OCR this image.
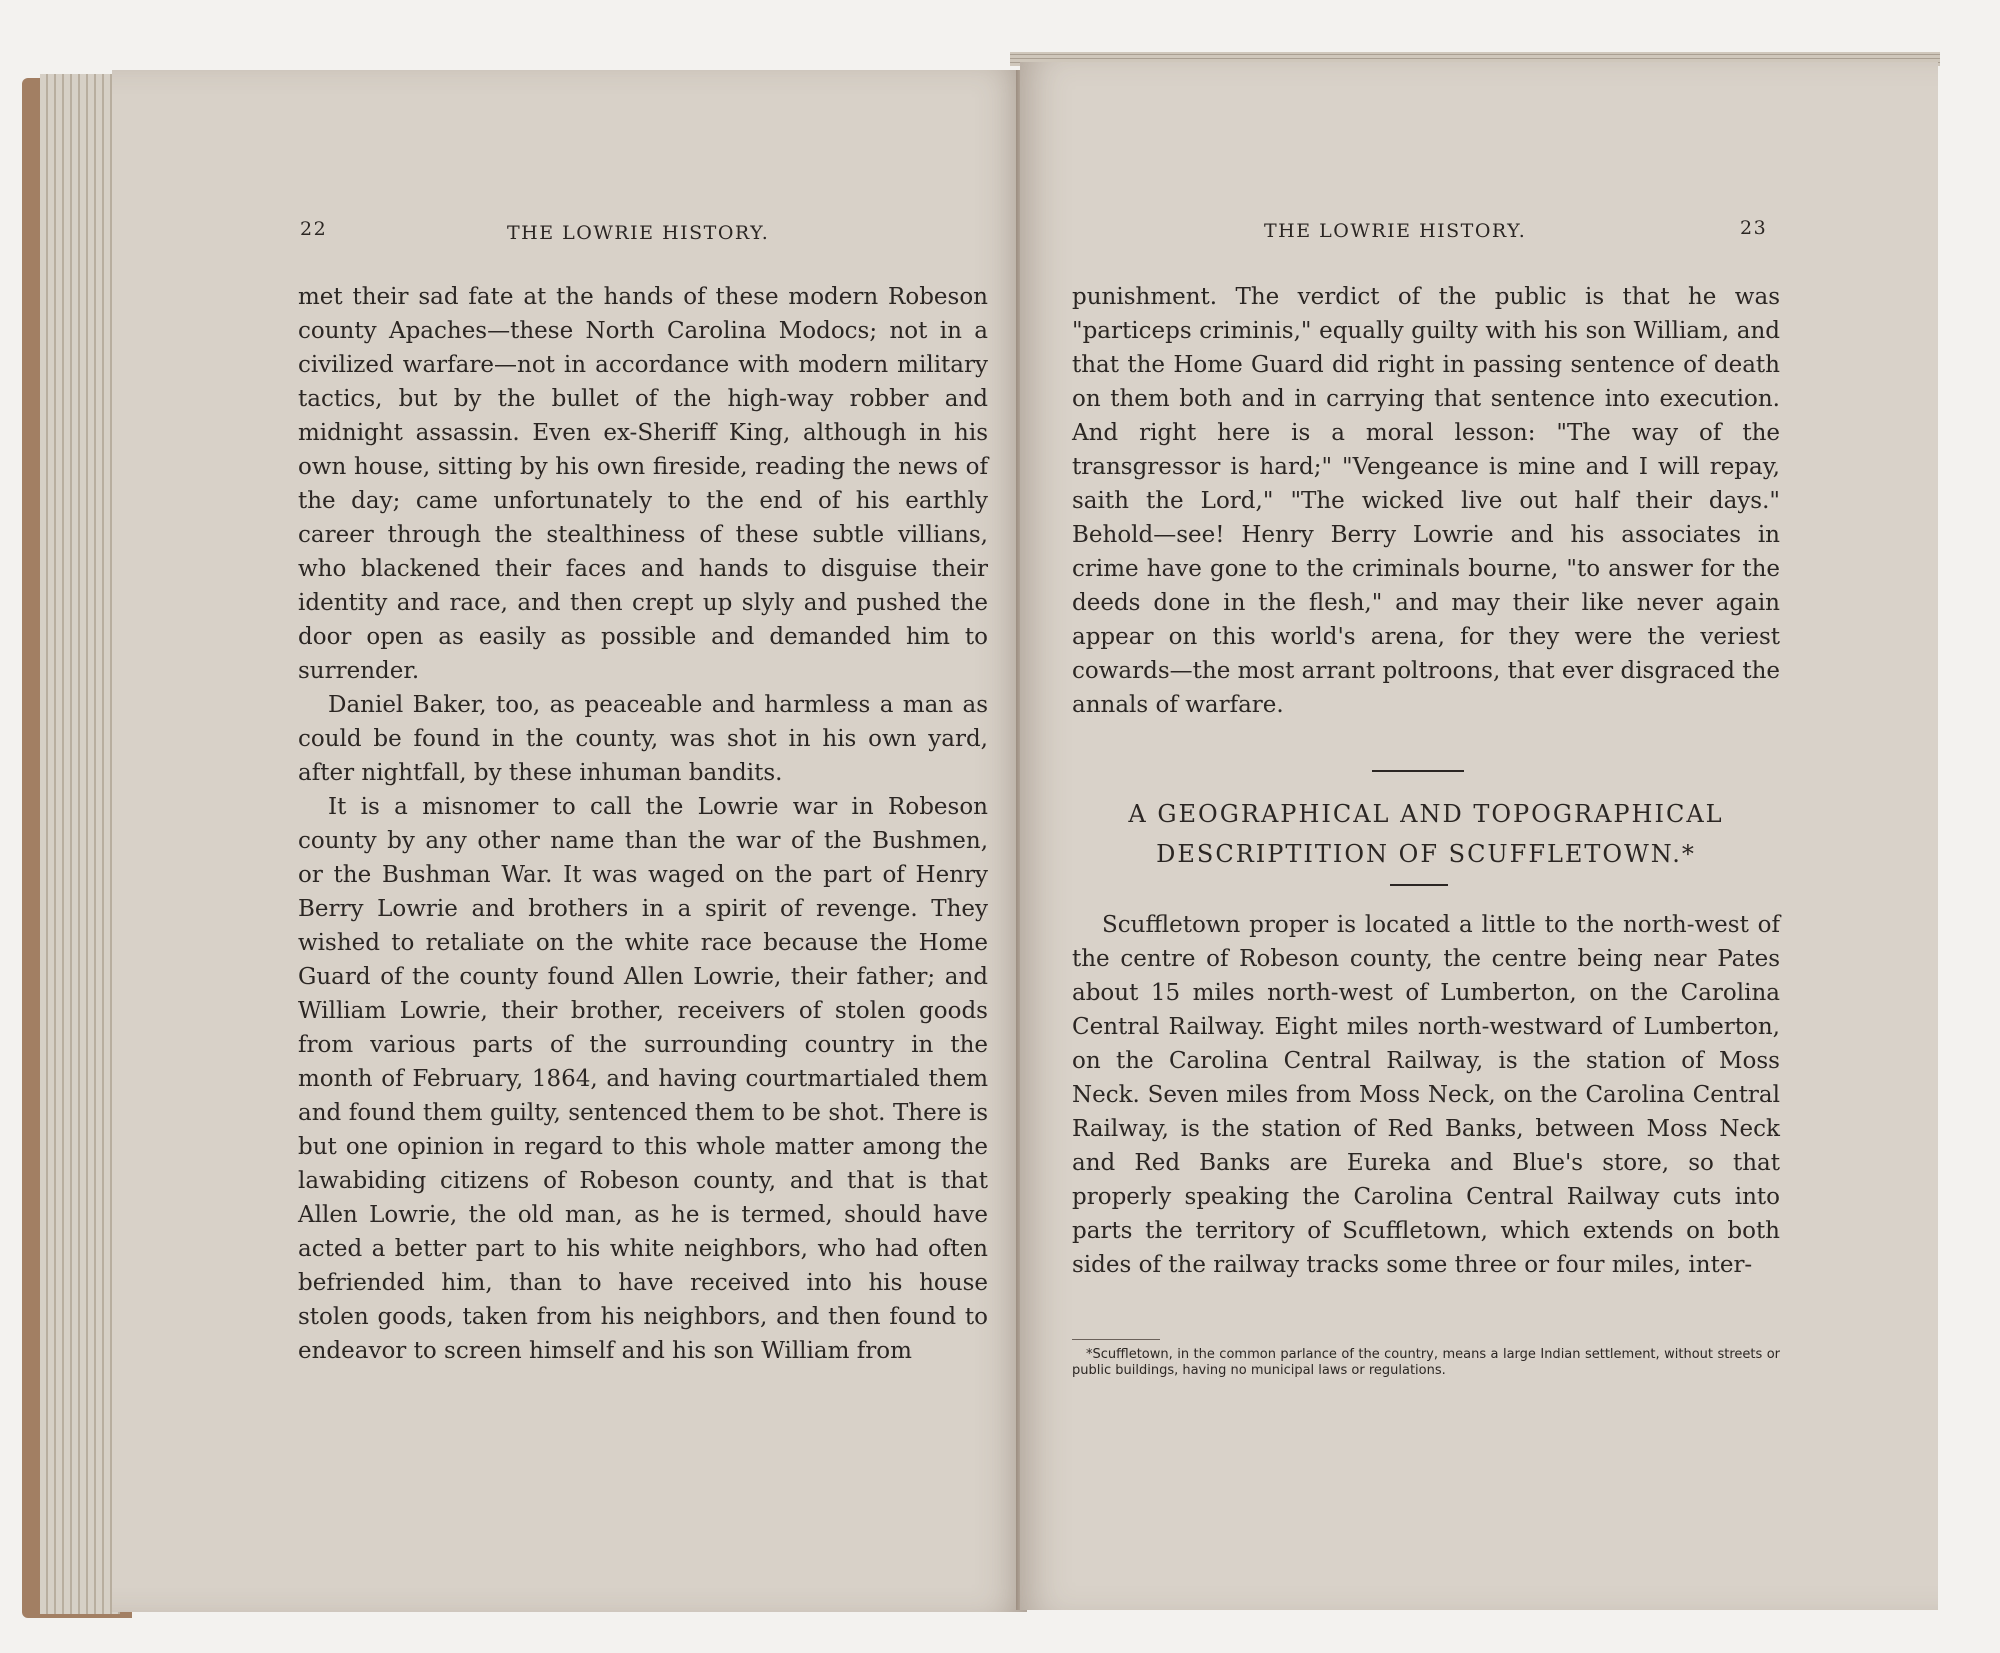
22	THE LOWRIE HISTORY.

met their sad fate at the hands of these modern Robeson county Apaches—these North Carolina Modocs; not in a civilized warfare—not in accordance with modern military tactics, but by the bullet of the high-way robber and midnight assassin. Even ex-Sheriff King, although in his own house, sitting by his own fireside, reading the news of the day; came unfortunately to the end of his earthly career through the stealthiness of these subtle villians, who blackened their faces and hands to disguise their identity and race, and then crept up slyly and pushed the door open as easily as possible and demanded him to surrender.

Daniel Baker, too, as peaceable and harmless a man as could be found in the county, was shot in his own yard, after nightfall, by these inhuman bandits.

It is a misnomer to call the Lowrie war in Robeson county by any other name than the war of the Bushmen, or the Bushman War. It was waged on the part of Henry Berry Lowrie and brothers in a spirit of revenge. They wished to retaliate on the white race because the Home Guard of the county found Allen Lowrie, their father; and William Lowrie, their brother, receivers of stolen goods from various parts of the surrounding country in the month of February, 1864, and having courtmartialed them and found them guilty, sentenced them to be shot. There is but one opinion in regard to this whole matter among the lawabiding citizens of Robeson county, and that is that Allen Lowrie, the old man, as he is termed, should have acted a better part to his white neighbors, who had often befriended him, than to have received into his house stolen goods, taken from his neighbors, and then found to endeavor to screen himself and his son William from

THE LOWRIE HISTORY.	23

punishment. The verdict of the public is that he was "particeps criminis," equally guilty with his son William, and that the Home Guard did right in passing sentence of death on them both and in carrying that sentence into execution. And right here is a moral lesson: "The way of the transgressor is hard;" "Vengeance is mine and I will repay, saith the Lord," "The wicked live out half their days." Behold—see! Henry Berry Lowrie and his associates in crime have gone to the criminals bourne, "to answer for the deeds done in the flesh," and may their like never again appear on this world's arena, for they were the veriest cowards—the most arrant poltroons, that ever disgraced the annals of warfare.

A GEOGRAPHICAL AND TOPOGRAPHICAL
DESCRIPTITION OF SCUFFLETOWN.*

Scuffletown proper is located a little to the north-west of the centre of Robeson county, the centre being near Pates about 15 miles north-west of Lumberton, on the Carolina Central Railway. Eight miles north-westward of Lumberton, on the Carolina Central Railway, is the station of Moss Neck. Seven miles from Moss Neck, on the Carolina Central Railway, is the station of Red Banks, between Moss Neck and Red Banks are Eureka and Blue's store, so that properly speaking the Carolina Central Railway cuts into parts the territory of Scuffletown, which extends on both sides of the railway tracks some three or four miles, inter-

*Scuffletown, in the common parlance of the country, means a large Indian settlement, without streets or public buildings, having no municipal laws or regulations.
